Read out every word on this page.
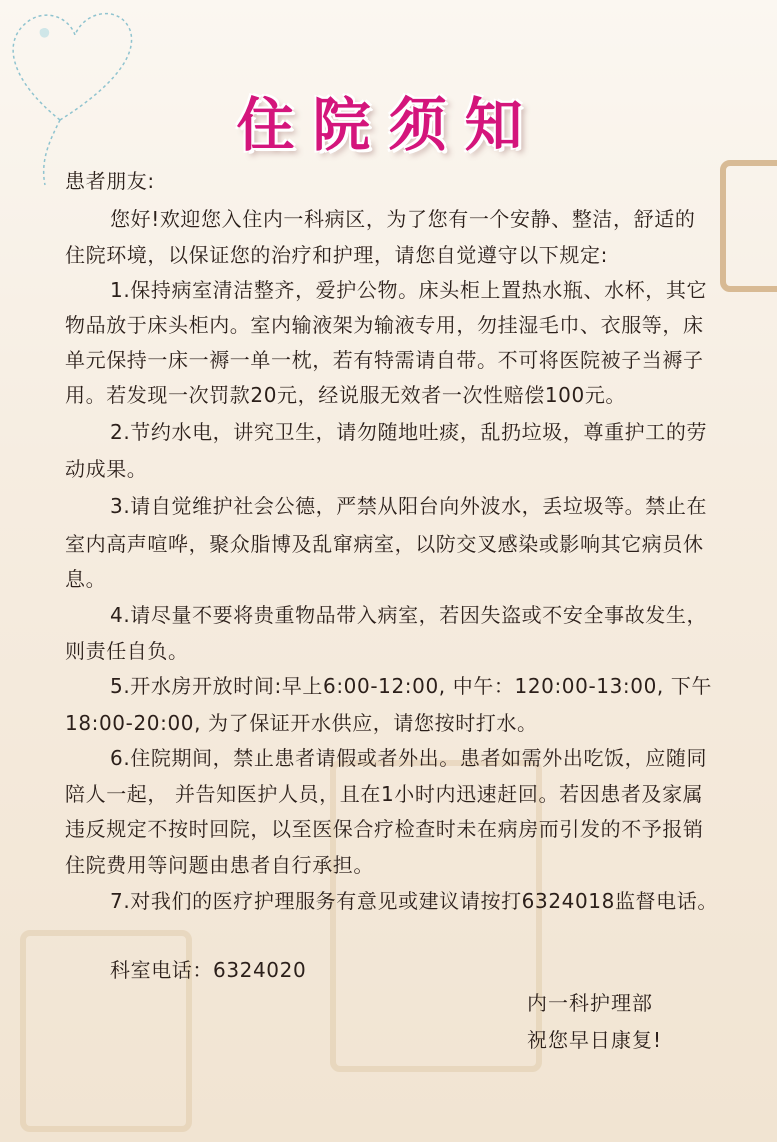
住院须知
患者朋友:
您好!欢迎您入住内一科病区，为了您有一个安静、整洁，舒适的
住院环境，以保证您的治疗和护理，请您自觉遵守以下规定:
1.保持病室清洁整齐，爱护公物。床头柜上置热水瓶、水杯，其它
物品放于床头柜内。室内输液架为输液专用，勿挂湿毛巾、衣服等，床
单元保持一床一褥一单一枕，若有特需请自带。不可将医院被子当褥子
用。若发现一次罚款20元，经说服无效者一次性赔偿100元。
2.节约水电，讲究卫生，请勿随地吐痰，乱扔垃圾，尊重护工的劳
动成果。
3.请自觉维护社会公德，严禁从阳台向外波水，丢垃圾等。禁止在
室内高声喧哗，聚众脂博及乱窜病室，以防交叉感染或影响其它病员休
息。
4.请尽量不要将贵重物品带入病室，若因失盗或不安全事故发生，
则责任自负。
5.开水房开放时间:早上6:00-12:00, 中午：120:00-13:00, 下午
18:00-20:00, 为了保证开水供应，请您按时打水。
6.住院期间，禁止患者请假或者外出。患者如需外出吃饭，应随同
陪人一起， 并告知医护人员，且在1小时内迅速赶回。若因患者及家属
违反规定不按时回院，以至医保合疗检查时未在病房而引发的不予报销
住院费用等问题由患者自行承担。
7.对我们的医疗护理服务有意见或建议请按打6324018监督电话。
科室电话：6324020
内一科护理部
祝您早日康复!
